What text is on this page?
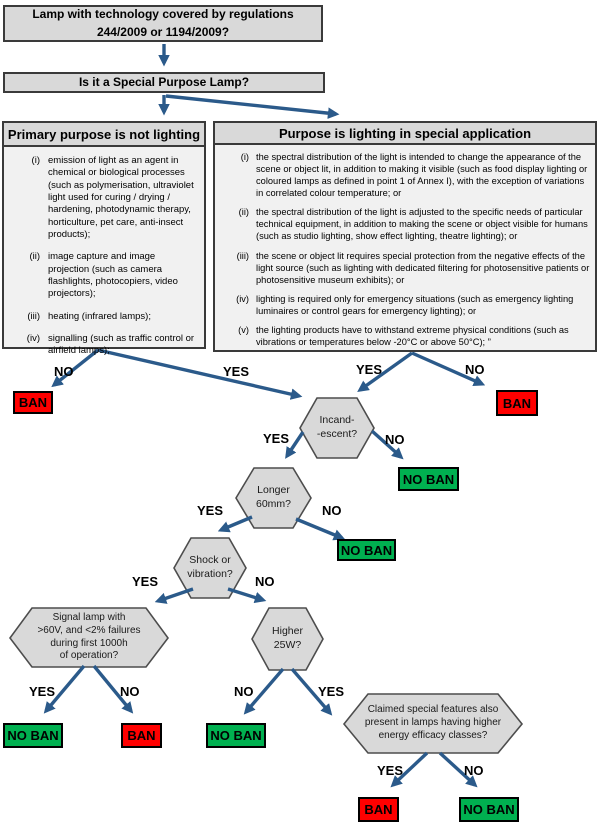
Lamp with technology covered by regulations
244/2009 or 1194/2009?
Is it a Special Purpose Lamp?
Primary purpose is not lighting
(i) emission of light as an agent in chemical or biological processes (such as polymerisation, ultraviolet light used for curing / drying / hardening, photodynamic therapy, horticulture, pet care, anti-insect products);
(ii) image capture and image projection (such as camera flashlights, photocopiers, video projectors);
(iii) heating (infrared lamps);
(iv) signalling (such as traffic control or airfield lamps);
Purpose is lighting in special application
(i) the spectral distribution of the light is intended to change the appearance of the scene or object lit, in addition to making it visible (such as food display lighting or coloured lamps as defined in point 1 of Annex I), with the exception of variations in correlated colour temperature; or
(ii) the spectral distribution of the light is adjusted to the specific needs of particular technical equipment, in addition to making the scene or object visible for humans (such as studio lighting, show effect lighting, theatre lighting); or
(iii) the scene or object lit requires special protection from the negative effects of the light source (such as lighting with dedicated filtering for photosensitive patients or photosensitive museum exhibits); or
(iv) lighting is required only for emergency situations (such as emergency lighting luminaires or control gears for emergency lighting); or
(v) the lighting products have to withstand extreme physical conditions (such as vibrations or temperatures below -20°C or above 50°C); ”
Incand-
-escent?
Longer
60mm?
Shock or
vibration?
Signal lamp with
>60V, and <2% failures
during first 1000h
of operation?
Higher
25W?
Claimed special features also
present in lamps having higher
energy efficacy classes?
NO	YES	YES	NO
YES	NO
YES	NO
YES	NO
YES	NO	NO	YES
YES	NO
BAN	BAN
NO BAN
NO BAN
NO BAN	BAN	NO BAN
BAN	NO BAN
